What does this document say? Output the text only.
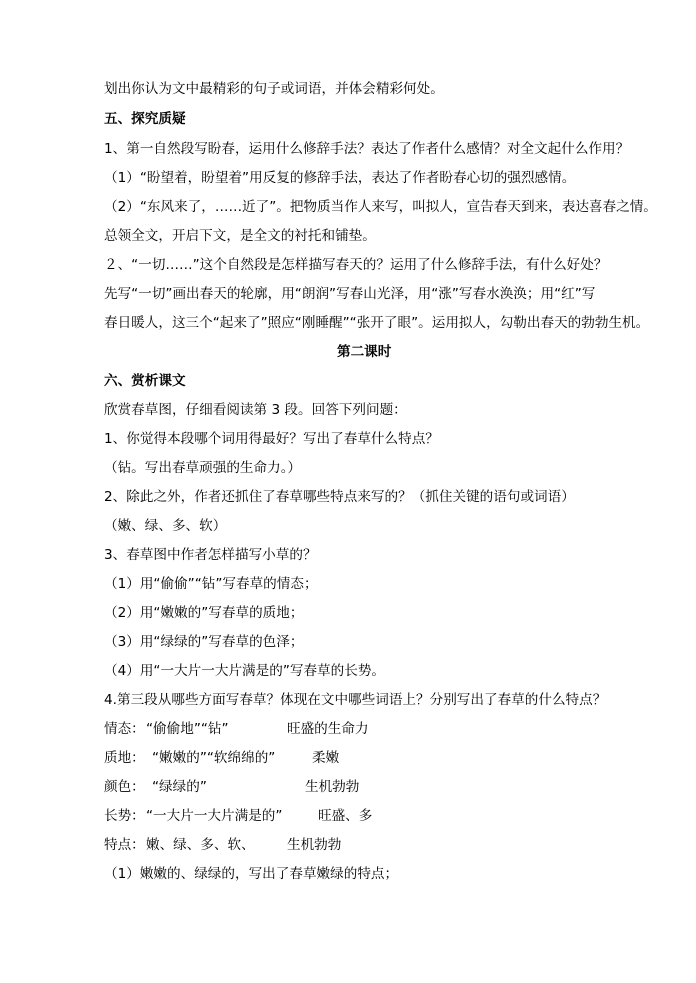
划出你认为文中最精彩的句子或词语，并体会精彩何处。
五、探究质疑
1、第一自然段写盼春，运用什么修辞手法？表达了作者什么感情？对全文起什么作用？
（1）“盼望着，盼望着”用反复的修辞手法，表达了作者盼春心切的强烈感情。
（2）“东风来了，……近了”。把物质当作人来写，叫拟人，宣告春天到来，表达喜春之情。
总领全文，开启下文，是全文的衬托和铺垫。
２、“一切……”这个自然段是怎样描写春天的？运用了什么修辞手法，有什么好处？
先写“一切”画出春天的轮廓，用“朗润”写春山光泽，用“涨”写春水涣涣；用“红”写
春日暖人，这三个“起来了”照应“刚睡醒”“张开了眼”。运用拟人，勾勒出春天的勃勃生机。
第二课时
六、赏析课文
欣赏春草图，仔细看阅读第 3 段。回答下列问题：
1、你觉得本段哪个词用得最好？写出了春草什么特点？
（钻。写出春草顽强的生命力。）
2、除此之外，作者还抓住了春草哪些特点来写的？（抓住关键的语句或词语）
（嫩、绿、多、软）
3、春草图中作者怎样描写小草的？
（1）用“偷偷”“钻”写春草的情态；
（2）用“嫩嫩的”写春草的质地；
（3）用“绿绿的”写春草的色泽；
（4）用“一大片一大片满是的”写春草的长势。
4.第三段从哪些方面写春草？体现在文中哪些词语上？分别写出了春草的什么特点？
情态： “偷偷地”“钻”	旺盛的生命力
质地： “嫩嫩的”“软绵绵的”	柔嫩
颜色： “绿绿的”	生机勃勃
长势： “一大片一大片满是的”	旺盛、多
特点： 嫩、绿、多、软、 生机勃勃
（1）嫩嫩的、绿绿的，写出了春草嫩绿的特点；
